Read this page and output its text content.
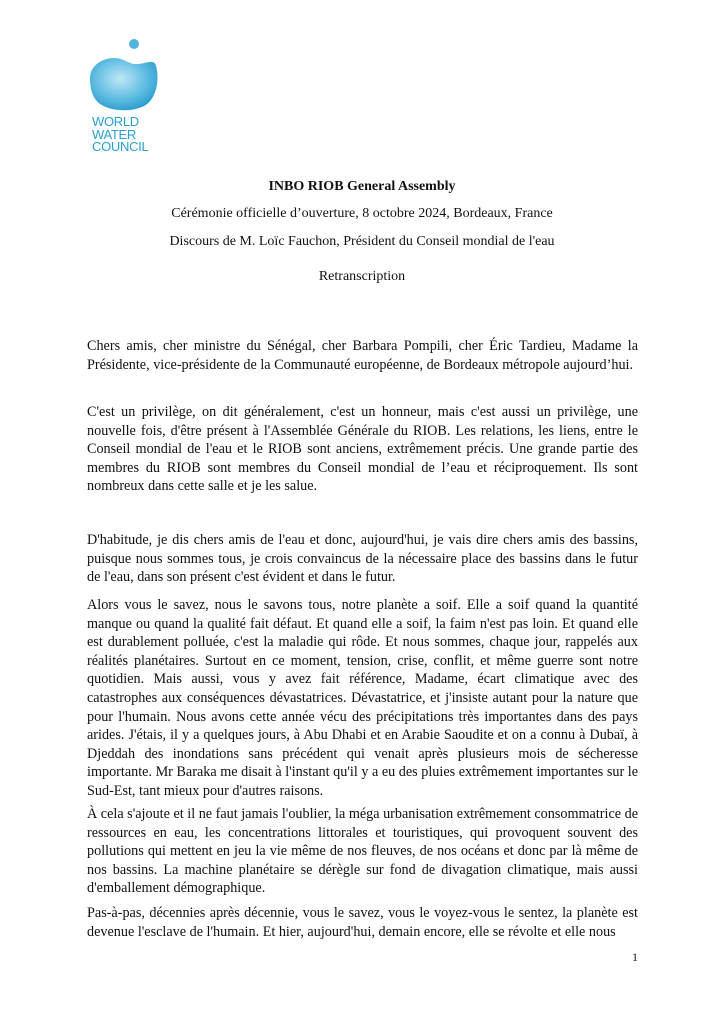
WORLD
WATER
COUNCIL
INBO RIOB General Assembly
Cérémonie officielle d’ouverture, 8 octobre 2024, Bordeaux, France
Discours de M. Loïc Fauchon, Président du Conseil mondial de l'eau
Retranscription
Chers amis, cher ministre du Sénégal, cher Barbara Pompili, cher Éric Tardieu, Madame la Présidente, vice-présidente de la Communauté européenne, de Bordeaux métropole aujourd’hui.
C'est un privilège, on dit généralement, c'est un honneur, mais c'est aussi un privilège, une nouvelle fois, d'être présent à l'Assemblée Générale du RIOB. Les relations, les liens, entre le Conseil mondial de l'eau et le RIOB sont anciens, extrêmement précis. Une grande partie des membres du RIOB sont membres du Conseil mondial de l’eau et réciproquement. Ils sont nombreux dans cette salle et je les salue.
D'habitude, je dis chers amis de l'eau et donc, aujourd'hui, je vais dire chers amis des bassins, puisque nous sommes tous, je crois convaincus de la nécessaire place des bassins dans le futur de l'eau, dans son présent c'est évident et dans le futur.
Alors vous le savez, nous le savons tous, notre planète a soif. Elle a soif quand la quantité manque ou quand la qualité fait défaut. Et quand elle a soif, la faim n'est pas loin. Et quand elle est durablement polluée, c'est la maladie qui rôde. Et nous sommes, chaque jour, rappelés aux réalités planétaires. Surtout en ce moment, tension, crise, conflit, et même guerre sont notre quotidien. Mais aussi, vous y avez fait référence, Madame, écart climatique avec des catastrophes aux conséquences dévastatrices. Dévastatrice, et j'insiste autant pour la nature que pour l'humain. Nous avons cette année vécu des précipitations très importantes dans des pays arides. J'étais, il y a quelques jours, à Abu Dhabi et en Arabie Saoudite et on a connu à Dubaï, à Djeddah des inondations sans précédent qui venait après plusieurs mois de sécheresse importante. Mr Baraka me disait à l'instant qu'il y a eu des pluies extrêmement importantes sur le Sud-Est, tant mieux pour d'autres raisons.
À cela s'ajoute et il ne faut jamais l'oublier, la méga urbanisation extrêmement consommatrice de ressources en eau, les concentrations littorales et touristiques, qui provoquent souvent des pollutions qui mettent en jeu la vie même de nos fleuves, de nos océans et donc par là même de nos bassins. La machine planétaire se dérègle sur fond de divagation climatique, mais aussi d'emballement démographique.
Pas-à-pas, décennies après décennie, vous le savez, vous le voyez-vous le sentez, la planète est devenue l'esclave de l'humain. Et hier, aujourd'hui, demain encore, elle se révolte et elle nous
1
